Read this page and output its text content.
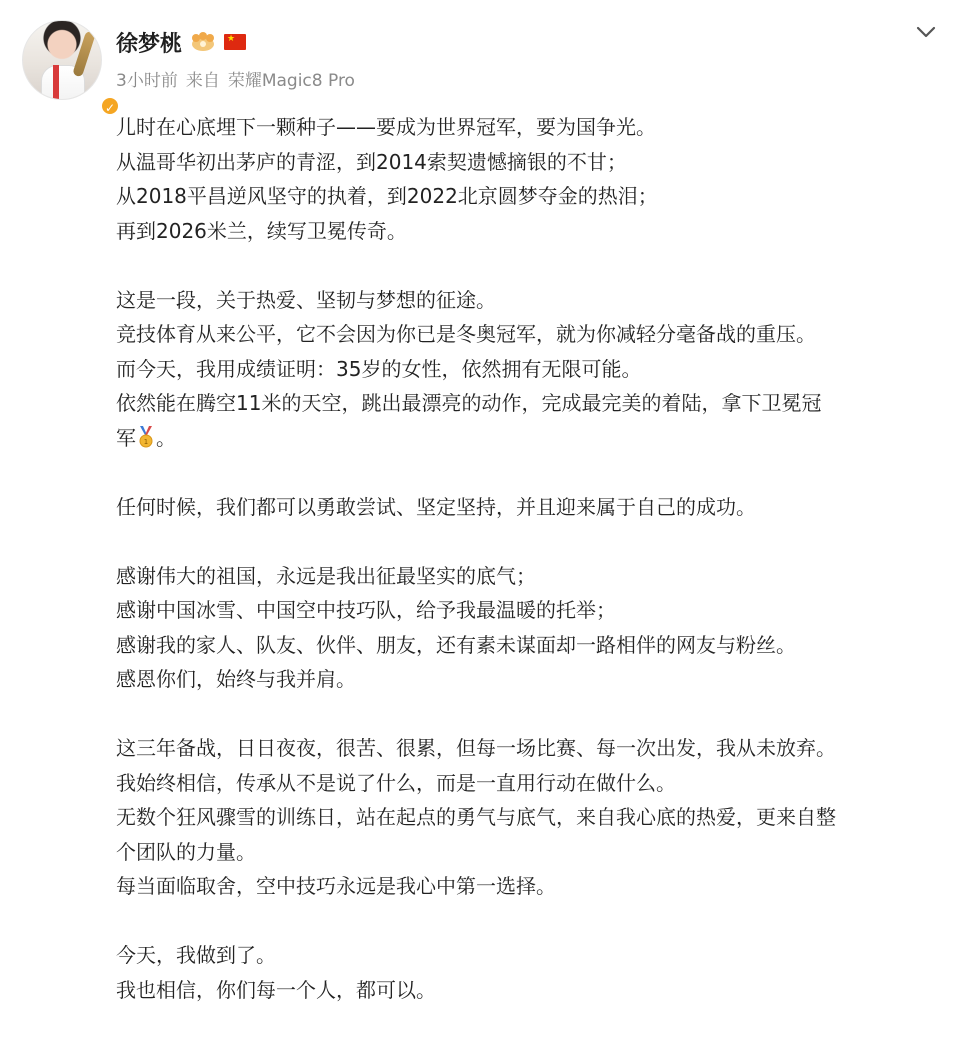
✓
徐梦桃	★
3小时前 来自 荣耀Magic8 Pro
儿时在心底埋下一颗种子——要成为世界冠军，要为国争光。
从温哥华初出茅庐的青涩，到2014索契遗憾摘银的不甘；
从2018平昌逆风坚守的执着，到2022北京圆梦夺金的热泪；
再到2026米兰，续写卫冕传奇。
这是一段，关于热爱、坚韧与梦想的征途。
竞技体育从来公平，它不会因为你已是冬奥冠军，就为你减轻分毫备战的重压。
而今天，我用成绩证明：35岁的女性，依然拥有无限可能。
依然能在腾空11米的天空，跳出最漂亮的动作，完成最完美的着陆，拿下卫冕冠
军 1 。
任何时候，我们都可以勇敢尝试、坚定坚持，并且迎来属于自己的成功。
感谢伟大的祖国，永远是我出征最坚实的底气；
感谢中国冰雪、中国空中技巧队，给予我最温暖的托举；
感谢我的家人、队友、伙伴、朋友，还有素未谋面却一路相伴的网友与粉丝。
感恩你们，始终与我并肩。
这三年备战，日日夜夜，很苦、很累，但每一场比赛、每一次出发，我从未放弃。
我始终相信，传承从不是说了什么，而是一直用行动在做什么。
无数个狂风骤雪的训练日，站在起点的勇气与底气，来自我心底的热爱，更来自整
个团队的力量。
每当面临取舍，空中技巧永远是我心中第一选择。
今天，我做到了。
我也相信，你们每一个人，都可以。
